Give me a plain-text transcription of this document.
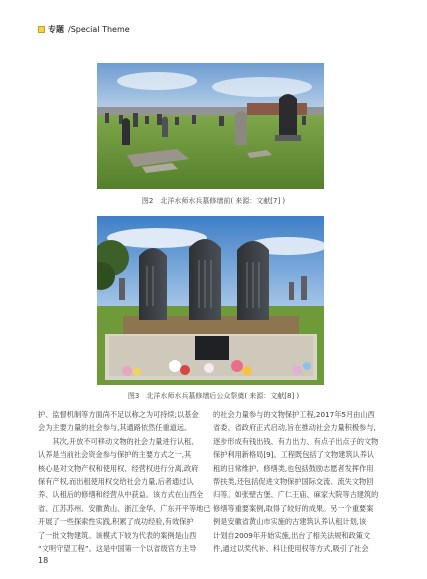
专题 /Special Theme
图2　北洋水师水兵墓修缮前( 来源：文献[7] )
图3　北洋水师水兵墓修缮后公众祭奠( 来源：文献[8] )
护、监督机制等方面尚不足以称之为可持续;以基金
会为主要力量的社会参与,其通路依然任重道远。
　　其次,开放不可移动文物的社会力量进行认租、
认养是当前社会资金参与保护的主要方式之一,其
核心是对文物产权和使用权、经营权进行分离,政府
保有产权,而出租使用权交给社会力量,后者通过认
养、认租后的修缮和经营从中获益。该方式在山西全
省、江苏苏州、安徽黄山、浙江金华、广东开平等地已
开展了一些探索性实践,积累了成功经验,有效保护
了一批文物建筑。该模式下较为代表的案例是山西
“文明守望工程”。这是中国第一个以省级官方主导
的社会力量参与的文物保护工程,2017年5月由山西
省委、省政府正式启动,旨在推动社会力量积极参与,
逐步形成有钱出钱、有力出力、有点子出点子的文物
保护利用新格局[9]。工程既包括了文物建筑认养认
租的日常维护、修缮类,也包括鼓励志愿者发挥作用
帮扶类,还包括促进文物保护国际交流、流失文物回
归等。如张壁古堡、广仁王庙、麻家大院等古建筑的
修缮等重要案例,取得了较好的成果。另一个重要案
例是安徽省黄山市实施的古建筑认养认租计划,该
计划自2009年开始实施,出台了相关法规和政策文
件,通过以奖代补、科让使用权等方式,吸引了社会
18
